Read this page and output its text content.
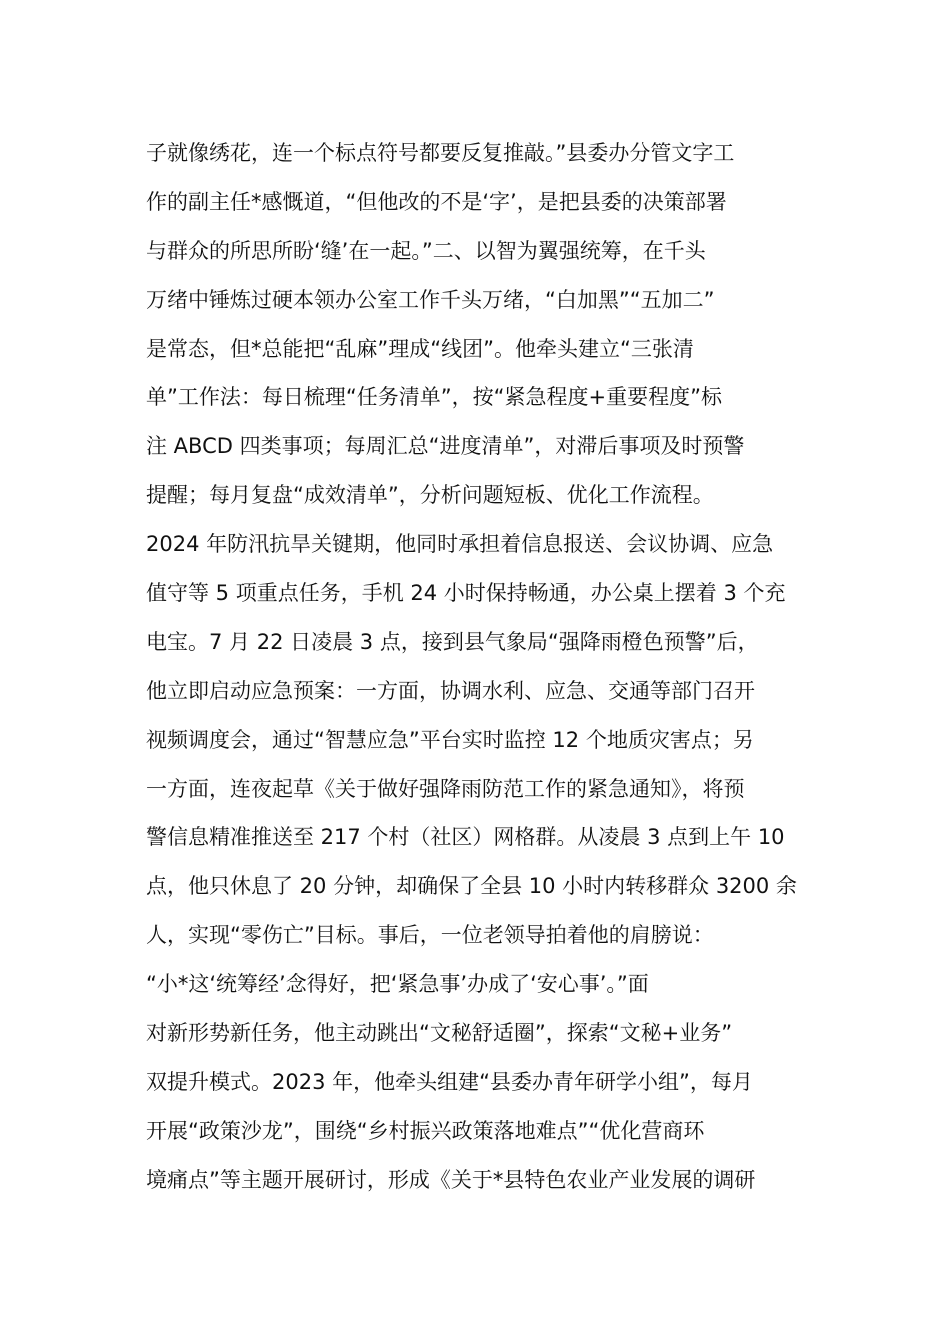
子就像绣花，连一个标点符号都要反复推敲。”县委办分管文字工
作的副主任*感慨道，“但他改的不是‘字’，是把县委的决策部署
与群众的所思所盼‘缝’在一起。”二、以智为翼强统筹，在千头
万绪中锤炼过硬本领办公室工作千头万绪，“白加黑”“五加二”
是常态，但*总能把“乱麻”理成“线团”。他牵头建立“三张清
单”工作法：每日梳理“任务清单”，按“紧急程度+重要程度”标
注 ABCD 四类事项；每周汇总“进度清单”，对滞后事项及时预警
提醒；每月复盘“成效清单”，分析问题短板、优化工作流程。
2024 年防汛抗旱关键期，他同时承担着信息报送、会议协调、应急
值守等 5 项重点任务，手机 24 小时保持畅通，办公桌上摆着 3 个充
电宝。7 月 22 日凌晨 3 点，接到县气象局“强降雨橙色预警”后，
他立即启动应急预案：一方面，协调水利、应急、交通等部门召开
视频调度会，通过“智慧应急”平台实时监控 12 个地质灾害点；另
一方面，连夜起草《关于做好强降雨防范工作的紧急通知》，将预
警信息精准推送至 217 个村（社区）网格群。从凌晨 3 点到上午 10
点，他只休息了 20 分钟，却确保了全县 10 小时内转移群众 3200 余
人，实现“零伤亡”目标。事后，一位老领导拍着他的肩膀说：
“小*这‘统筹经’念得好，把‘紧急事’办成了‘安心事’。”面
对新形势新任务，他主动跳出“文秘舒适圈”，探索“文秘+业务”
双提升模式。2023 年，他牵头组建“县委办青年研学小组”，每月
开展“政策沙龙”，围绕“乡村振兴政策落地难点”“优化营商环
境痛点”等主题开展研讨，形成《关于*县特色农业产业发展的调研
